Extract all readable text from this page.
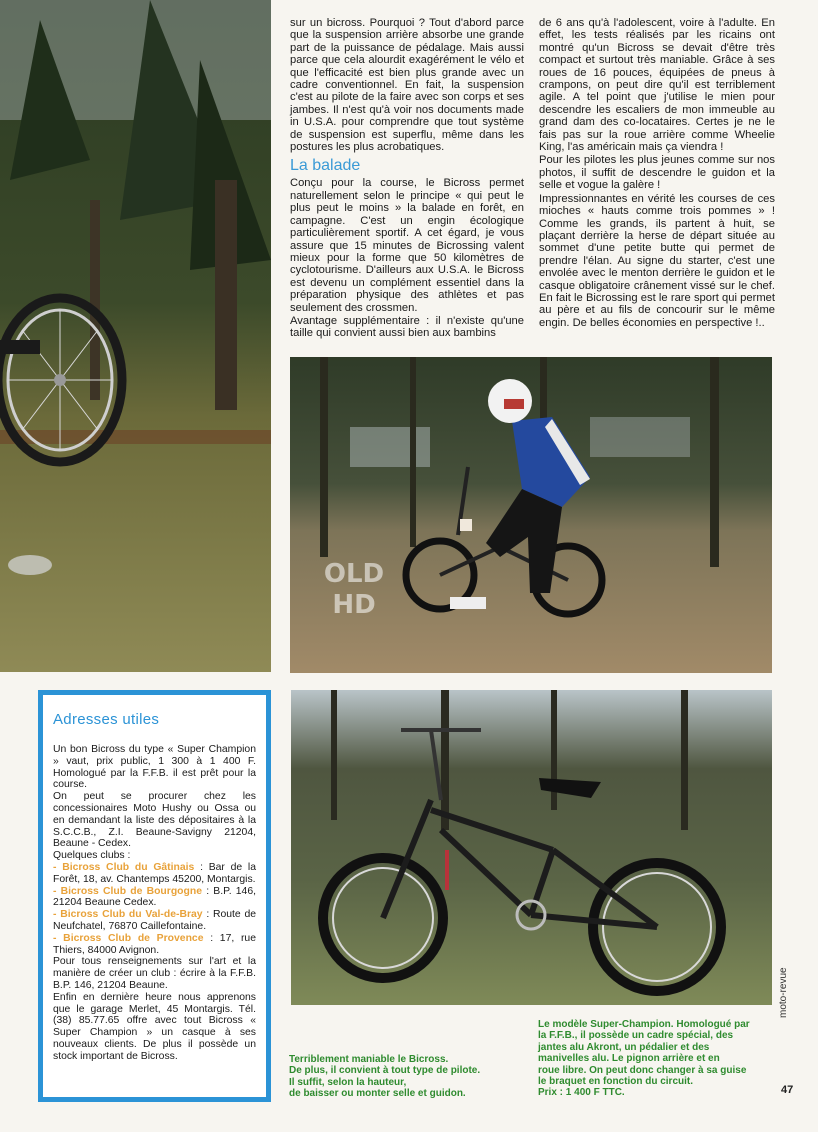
OLD
HD

sur un bicross. Pourquoi ? Tout d'abord parce que la suspension arrière absorbe une grande part de la puissance de pédalage. Mais aussi parce que cela alourdit exagérément le vélo et que l'efficacité est bien plus grande avec un cadre conventionnel. En fait, la suspension c'est au pilote de la faire avec son corps et ses jambes. Il n'est qu'à voir nos documents made in U.S.A. pour comprendre que tout système de suspension est superflu, même dans les postures les plus acrobatiques.

La balade

Conçu pour la course, le Bicross permet naturellement selon le principe « qui peut le plus peut le moins » la balade en forêt, en campagne. C'est un engin écologique particulièrement sportif. A cet égard, je vous assure que 15 minutes de Bicrossing valent mieux pour la forme que 50 kilomètres de cyclotourisme. D'ailleurs aux U.S.A. le Bicross est devenu un complément essentiel dans la préparation physique des athlètes et pas seulement des crossmen.

Avantage supplémentaire : il n'existe qu'une taille qui convient aussi bien aux bambins

de 6 ans qu'à l'adolescent, voire à l'adulte. En effet, les tests réalisés par les ricains ont montré qu'un Bicross se devait d'être très compact et surtout très maniable. Grâce à ses roues de 16 pouces, équipées de pneus à crampons, on peut dire qu'il est terriblement agile. A tel point que j'utilise le mien pour descendre les escaliers de mon immeuble au grand dam des co-locataires. Certes je ne le fais pas sur la roue arrière comme Wheelie King, l'as américain mais ça viendra !

Pour les pilotes les plus jeunes comme sur nos photos, il suffit de descendre le guidon et la selle et vogue la galère !

Impressionnantes en vérité les courses de ces mioches « hauts comme trois pommes » ! Comme les grands, ils partent à huit, se plaçant derrière la herse de départ située au sommet d'une petite butte qui permet de prendre l'élan. Au signe du starter, c'est une envolée avec le menton derrière le guidon et le casque obligatoire crânement vissé sur le chef. En fait le Bicrossing est le rare sport qui permet au père et au fils de concourir sur le même engin. De belles économies en perspective !..

Adresses utiles

Un bon Bicross du type « Super Champion » vaut, prix public, 1 300 à 1 400 F. Homologué par la F.F.B. il est prêt pour la course.

On peut se procurer chez les concessionaires Moto Hushy ou Ossa ou en demandant la liste des dépositaires à la S.C.C.B., Z.I. Beaune-Savigny 21204, Beaune - Cedex.

Quelques clubs :

- Bicross Club du Gâtinais : Bar de la Forêt, 18, av. Chantemps 45200, Montargis.

- Bicross Club de Bourgogne : B.P. 146, 21204 Beaune Cedex.

- Bicross Club du Val-de-Bray : Route de Neufchatel, 76870 Caillefontaine.

- Bicross Club de Provence : 17, rue Thiers, 84000 Avignon.

Pour tous renseignements sur l'art et la manière de créer un club : écrire à la F.F.B. B.P. 146, 21204 Beaune.

Enfin en dernière heure nous apprenons que le garage Merlet, 45 Montargis. Tél. (38) 85.77.65 offre avec tout Bicross « Super Champion » un casque à ses nouveaux clients. De plus il possède un stock important de Bicross.	Terriblement maniable le Bicross.
De plus, il convient à tout type de pilote.
Il suffit, selon la hauteur,
de baisser ou monter selle et guidon.
Le modèle Super-Champion. Homologué par
la F.F.B., il possède un cadre spécial, des
jantes alu Akront, un pédalier et des
manivelles alu. Le pignon arrière et en
roue libre. On peut donc changer à sa guise
le braquet en fonction du circuit.
Prix : 1 400 F TTC.
moto-revue
47
